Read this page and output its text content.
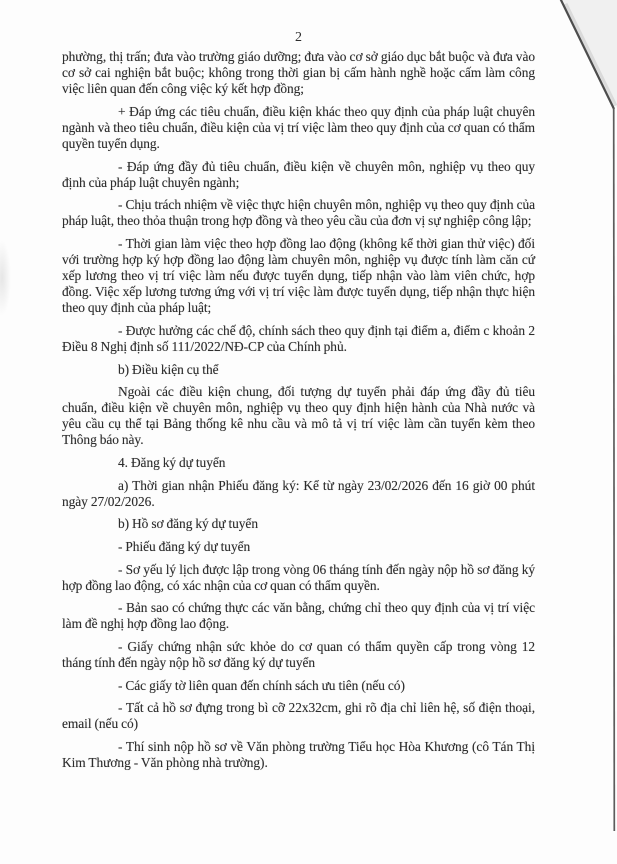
2

phường, thị trấn; đưa vào trường giáo dưỡng; đưa vào cơ sở giáo dục bắt buộc và đưa vào cơ sở cai nghiện bắt buộc; không trong thời gian bị cấm hành nghề hoặc cấm làm công việc liên quan đến công việc ký kết hợp đồng;

+ Đáp ứng các tiêu chuẩn, điều kiện khác theo quy định của pháp luật chuyên ngành và theo tiêu chuẩn, điều kiện của vị trí việc làm theo quy định của cơ quan có thẩm quyền tuyển dụng.

- Đáp ứng đầy đủ tiêu chuẩn, điều kiện về chuyên môn, nghiệp vụ theo quy định của pháp luật chuyên ngành;

- Chịu trách nhiệm về việc thực hiện chuyên môn, nghiệp vụ theo quy định của pháp luật, theo thỏa thuận trong hợp đồng và theo yêu cầu của đơn vị sự nghiệp công lập;

- Thời gian làm việc theo hợp đồng lao động (không kể thời gian thử việc) đối với trường hợp ký hợp đồng lao động làm chuyên môn, nghiệp vụ được tính làm căn cứ xếp lương theo vị trí việc làm nếu được tuyển dụng, tiếp nhận vào làm viên chức, hợp đồng. Việc xếp lương tương ứng với vị trí việc làm được tuyển dụng, tiếp nhận thực hiện theo quy định của pháp luật;

- Được hưởng các chế độ, chính sách theo quy định tại điểm a, điểm c khoản 2 Điều 8 Nghị định số 111/2022/NĐ-CP của Chính phủ.

b) Điều kiện cụ thể

Ngoài các điều kiện chung, đối tượng dự tuyển phải đáp ứng đầy đủ tiêu chuẩn, điều kiện về chuyên môn, nghiệp vụ theo quy định hiện hành của Nhà nước và yêu cầu cụ thể tại Bảng thống kê nhu cầu và mô tả vị trí việc làm cần tuyển kèm theo Thông báo này.

4. Đăng ký dự tuyển

a) Thời gian nhận Phiếu đăng ký: Kể từ ngày 23/02/2026 đến 16 giờ 00 phút ngày 27/02/2026.

b) Hồ sơ đăng ký dự tuyển

- Phiếu đăng ký dự tuyển

- Sơ yếu lý lịch được lập trong vòng 06 tháng tính đến ngày nộp hồ sơ đăng ký hợp đồng lao động, có xác nhận của cơ quan có thẩm quyền.

- Bản sao có chứng thực các văn bằng, chứng chỉ theo quy định của vị trí việc làm đề nghị hợp đồng lao động.

- Giấy chứng nhận sức khỏe do cơ quan có thẩm quyền cấp trong vòng 12 tháng tính đến ngày nộp hồ sơ đăng ký dự tuyển

- Các giấy tờ liên quan đến chính sách ưu tiên (nếu có)

- Tất cả hồ sơ đựng trong bì cỡ 22x32cm, ghi rõ địa chỉ liên hệ, số điện thoại, email (nếu có)

- Thí sinh nộp hồ sơ về Văn phòng trường Tiểu học Hòa Khương (cô Tán Thị Kim Thương - Văn phòng nhà trường).
